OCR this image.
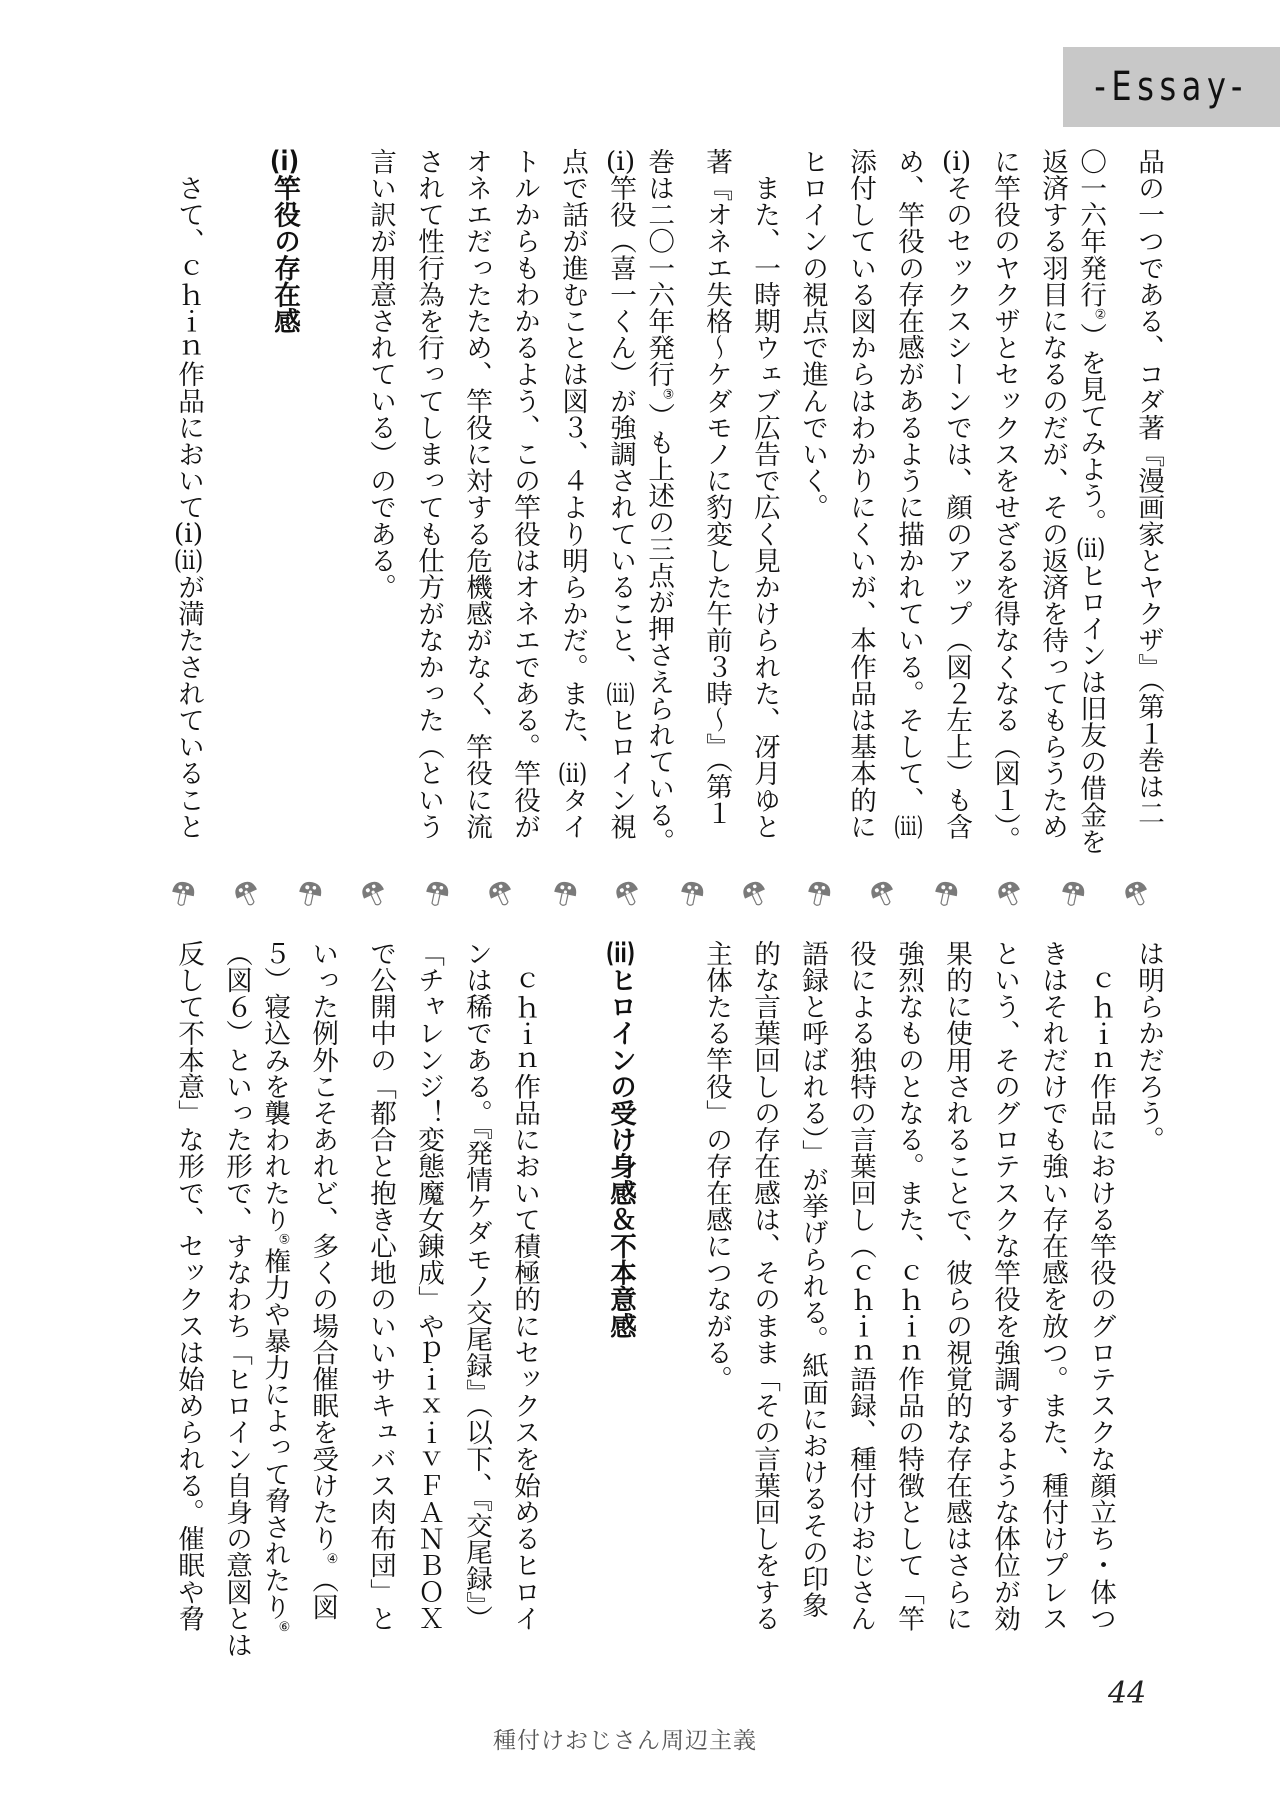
-Essay-
品の一つである、コダ著『漫画家とヤクザ』（第１巻は二
〇一六年発行②）を見てみよう。(ii)ヒロインは旧友の借金を
返済する羽目になるのだが、その返済を待ってもらうため
に竿役のヤクザとセックスをせざるを得なくなる（図１）。
(i)そのセックスシーンでは、顔のアップ（図２左上）も含
め、竿役の存在感があるように描かれている。そして、(iii)
添付している図からはわかりにくいが、本作品は基本的に
ヒロインの視点で進んでいく。
　また、一時期ウェブ広告で広く見かけられた、冴月ゆと
著『オネエ失格～ケダモノに豹変した午前３時～』（第１
巻は二〇一六年発行③）も上述の三点が押さえられている。
(i)竿役（喜一くん）が強調されていること、(iii)ヒロイン視
点で話が進むことは図３、４より明らかだ。また、(ii)タイ
トルからもわかるよう、この竿役はオネエである。竿役が
オネエだったため、竿役に対する危機感がなく、竿役に流
されて性行為を行ってしまっても仕方がなかった（という
言い訳が用意されている）のである。
(i)竿役の存在感
　さて、ｃｈｉｎ作品において(i)(ii)が満たされていること
は明らかだろう。
　ｃｈｉｎ作品における竿役のグロテスクな顔立ち・体つ
きはそれだけでも強い存在感を放つ。また、種付けプレス
という、そのグロテスクな竿役を強調するような体位が効
果的に使用されることで、彼らの視覚的な存在感はさらに
強烈なものとなる。また、ｃｈｉｎ作品の特徴として「竿
役による独特の言葉回し（ｃｈｉｎ語録、種付けおじさん
語録と呼ばれる）」が挙げられる。紙面におけるその印象
的な言葉回しの存在感は、そのまま「その言葉回しをする
主体たる竿役」の存在感につながる。
(ii)ヒロインの受け身感＆不本意感
　ｃｈｉｎ作品において積極的にセックスを始めるヒロイ
ンは稀である。『発情ケダモノ交尾録』（以下、『交尾録』）
「チャレンジ！変態魔女錬成」やｐｉｘｉｖＦＡＮＢＯＸ
で公開中の「都合と抱き心地のいいサキュバス肉布団」と
いった例外こそあれど、多くの場合催眠を受けたり④（図
５）寝込みを襲われたり⑤権力や暴力によって脅されたり⑥
（図６）といった形で、すなわち「ヒロイン自身の意図とは
反して不本意」な形で、セックスは始められる。催眠や脅
44
種付けおじさん周辺主義
